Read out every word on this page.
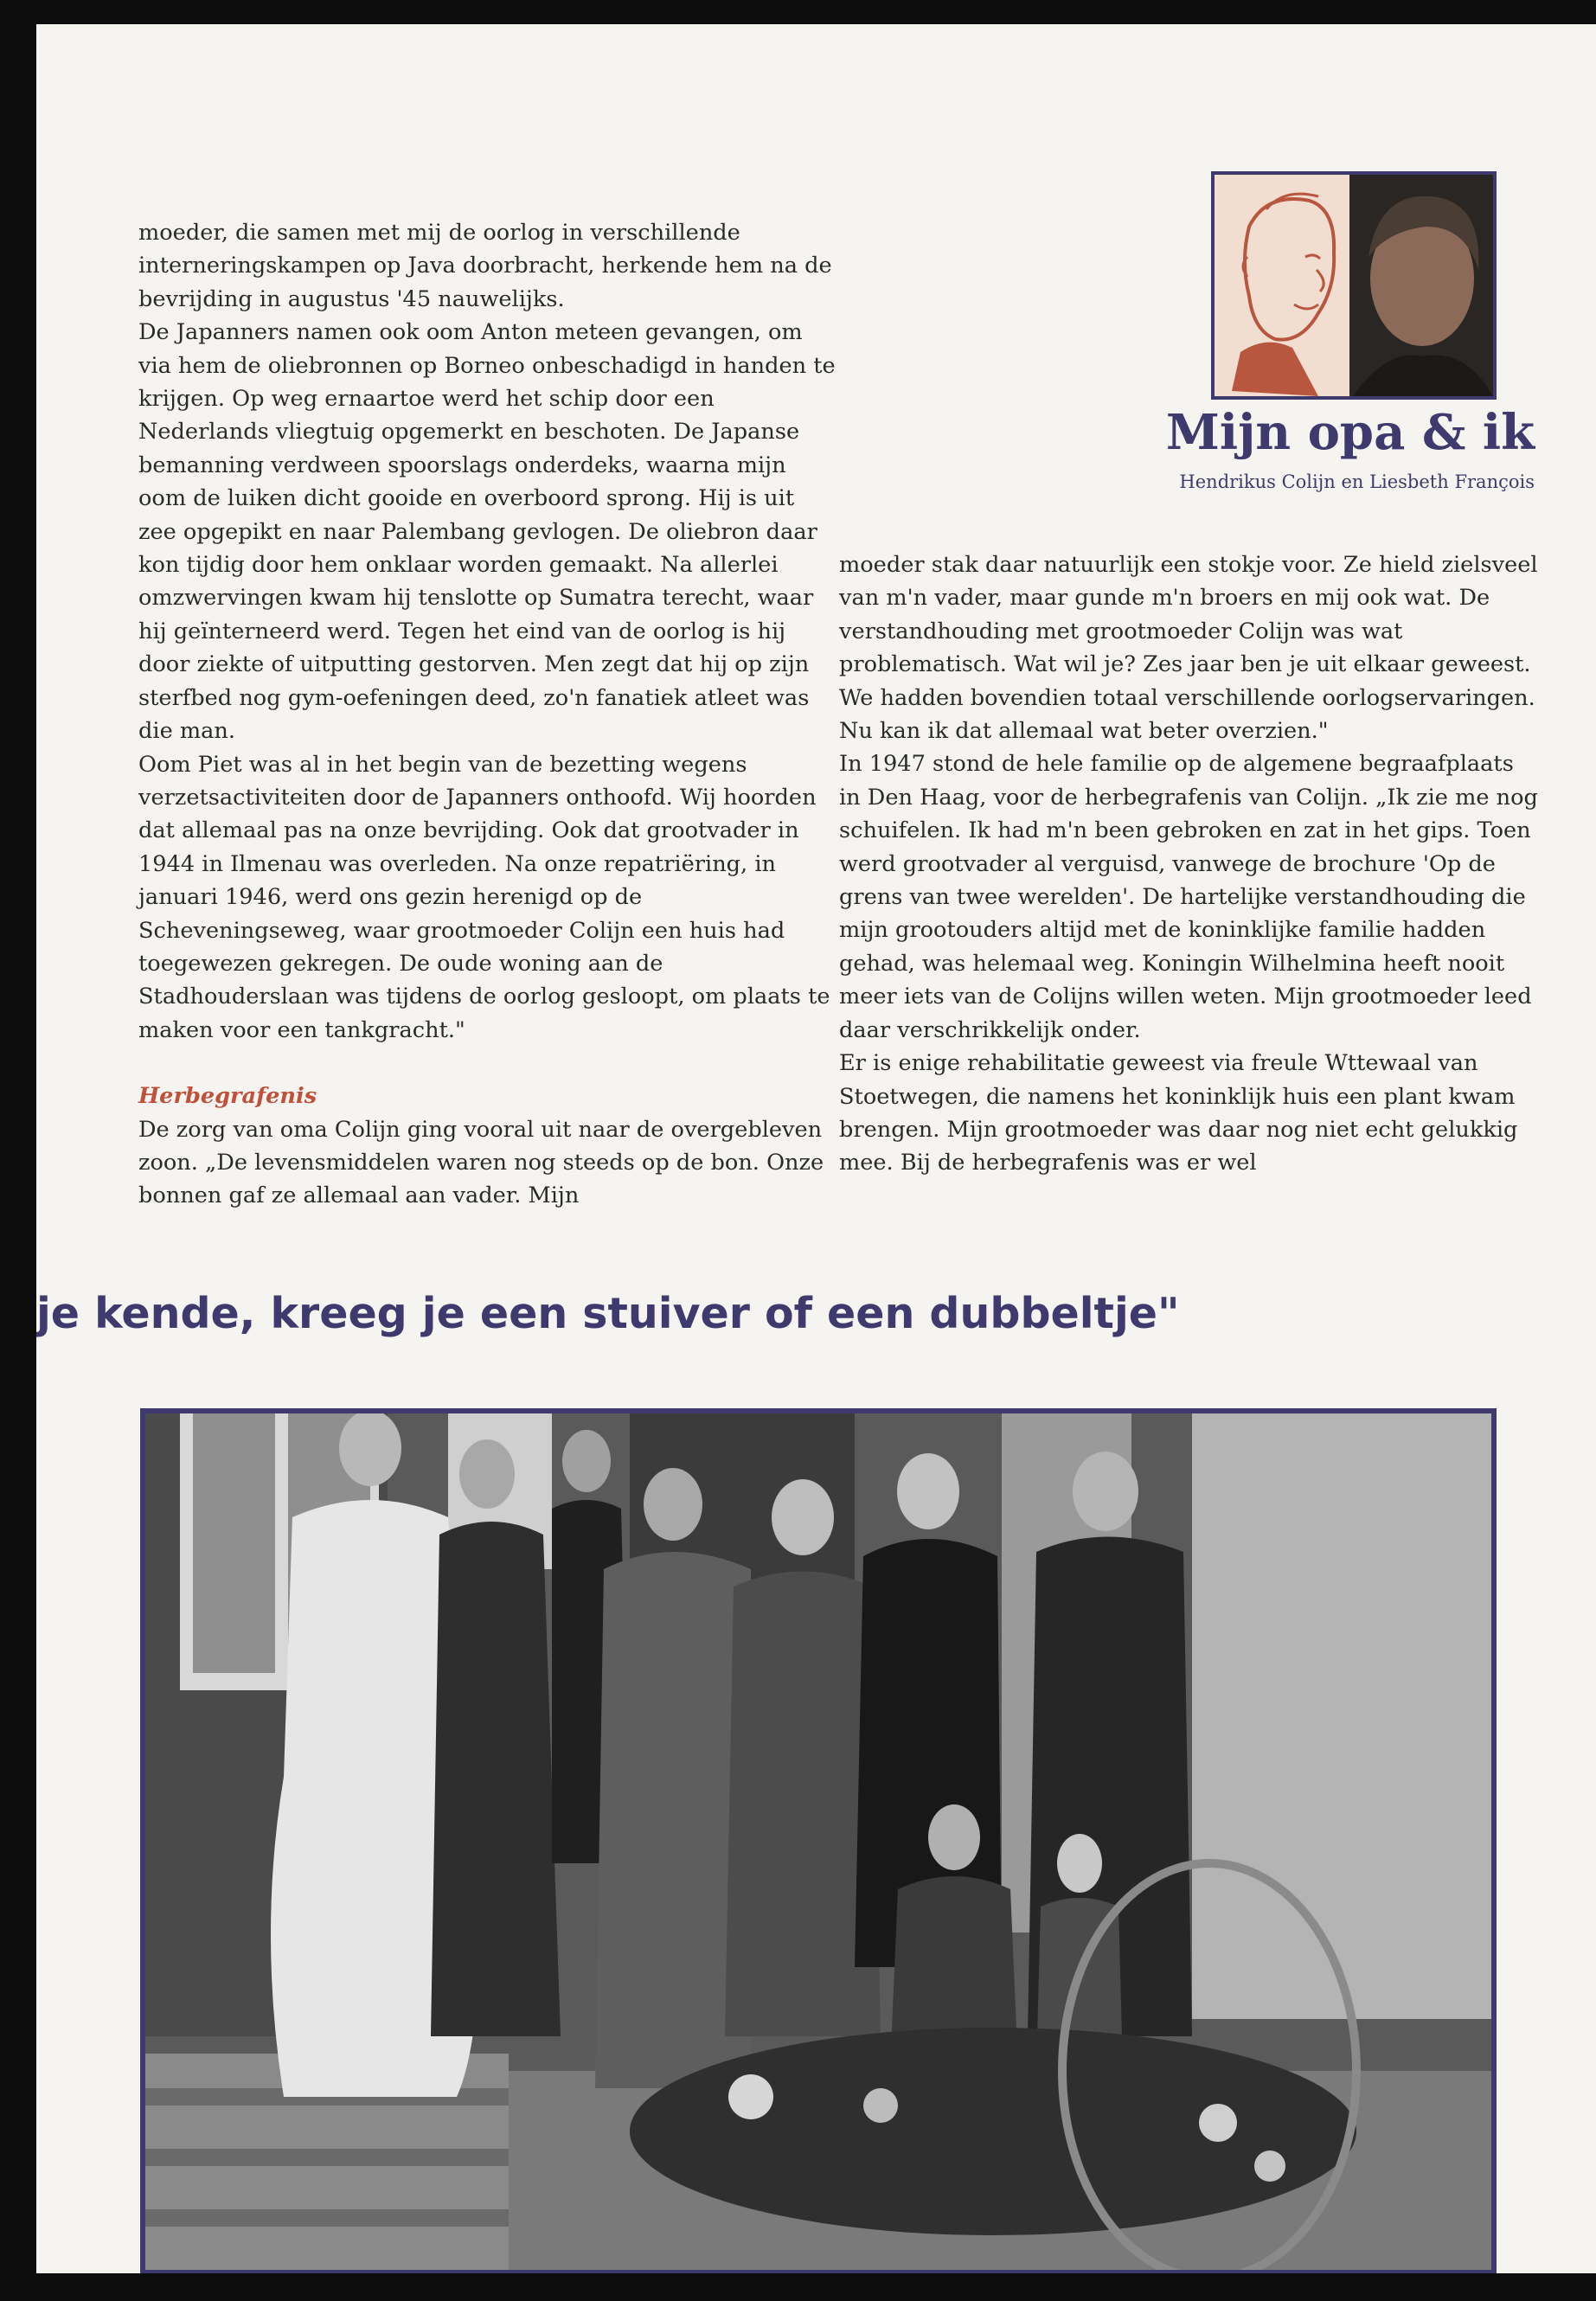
moeder, die samen met mij de oorlog in verschillende interneringskampen op Java doorbracht, herkende hem na de bevrijding in augustus '45 nauwelijks.

De Japanners namen ook oom Anton meteen gevangen, om via hem de oliebronnen op Borneo onbeschadigd in handen te krijgen. Op weg ernaartoe werd het schip door een Nederlands vliegtuig opgemerkt en beschoten. De Japanse bemanning verdween spoorslags onderdeks, waarna mijn oom de luiken dicht gooide en overboord sprong. Hij is uit zee opgepikt en naar Palembang gevlogen. De oliebron daar kon tijdig door hem onklaar worden gemaakt. Na allerlei omzwervingen kwam hij tenslotte op Sumatra terecht, waar hij geïnterneerd werd. Tegen het eind van de oorlog is hij door ziekte of uitputting gestorven. Men zegt dat hij op zijn sterfbed nog gym-oefeningen deed, zo'n fanatiek atleet was die man.

Oom Piet was al in het begin van de bezetting wegens verzetsactiviteiten door de Japanners onthoofd. Wij hoorden dat allemaal pas na onze bevrijding. Ook dat grootvader in 1944 in Ilmenau was overleden. Na onze repatriëring, in januari 1946, werd ons gezin herenigd op de Scheveningseweg, waar grootmoeder Colijn een huis had toegewezen gekregen. De oude woning aan de Stadhouderslaan was tijdens de oorlog gesloopt, om plaats te maken voor een tankgracht."

Herbegrafenis

De zorg van oma Colijn ging vooral uit naar de overgebleven zoon. „De levensmiddelen waren nog steeds op de bon. Onze bonnen gaf ze allemaal aan vader. Mijn

Mijn opa & ik

Hendrikus Colijn en Liesbeth François

moeder stak daar natuurlijk een stokje voor. Ze hield zielsveel van m'n vader, maar gunde m'n broers en mij ook wat. De verstandhouding met grootmoeder Colijn was wat problematisch. Wat wil je? Zes jaar ben je uit elkaar geweest. We hadden bovendien totaal verschillende oorlogservaringen. Nu kan ik dat allemaal wat beter overzien."

In 1947 stond de hele familie op de algemene begraafplaats in Den Haag, voor de herbegrafenis van Colijn. „Ik zie me nog schuifelen. Ik had m'n been gebroken en zat in het gips. Toen werd grootvader al verguisd, vanwege de brochure 'Op de grens van twee werelden'. De hartelijke verstandhouding die mijn grootouders altijd met de koninklijke familie hadden gehad, was helemaal weg. Koningin Wilhelmina heeft nooit meer iets van de Colijns willen weten. Mijn grootmoeder leed daar verschrikkelijk onder.

Er is enige rehabilitatie geweest via freule Wttewaal van Stoetwegen, die namens het koninklijk huis een plant kwam brengen. Mijn grootmoeder was daar nog niet echt gelukkig mee. Bij de herbegrafenis was er wel

je kende, kreeg je een stuiver of een dubbeltje"
